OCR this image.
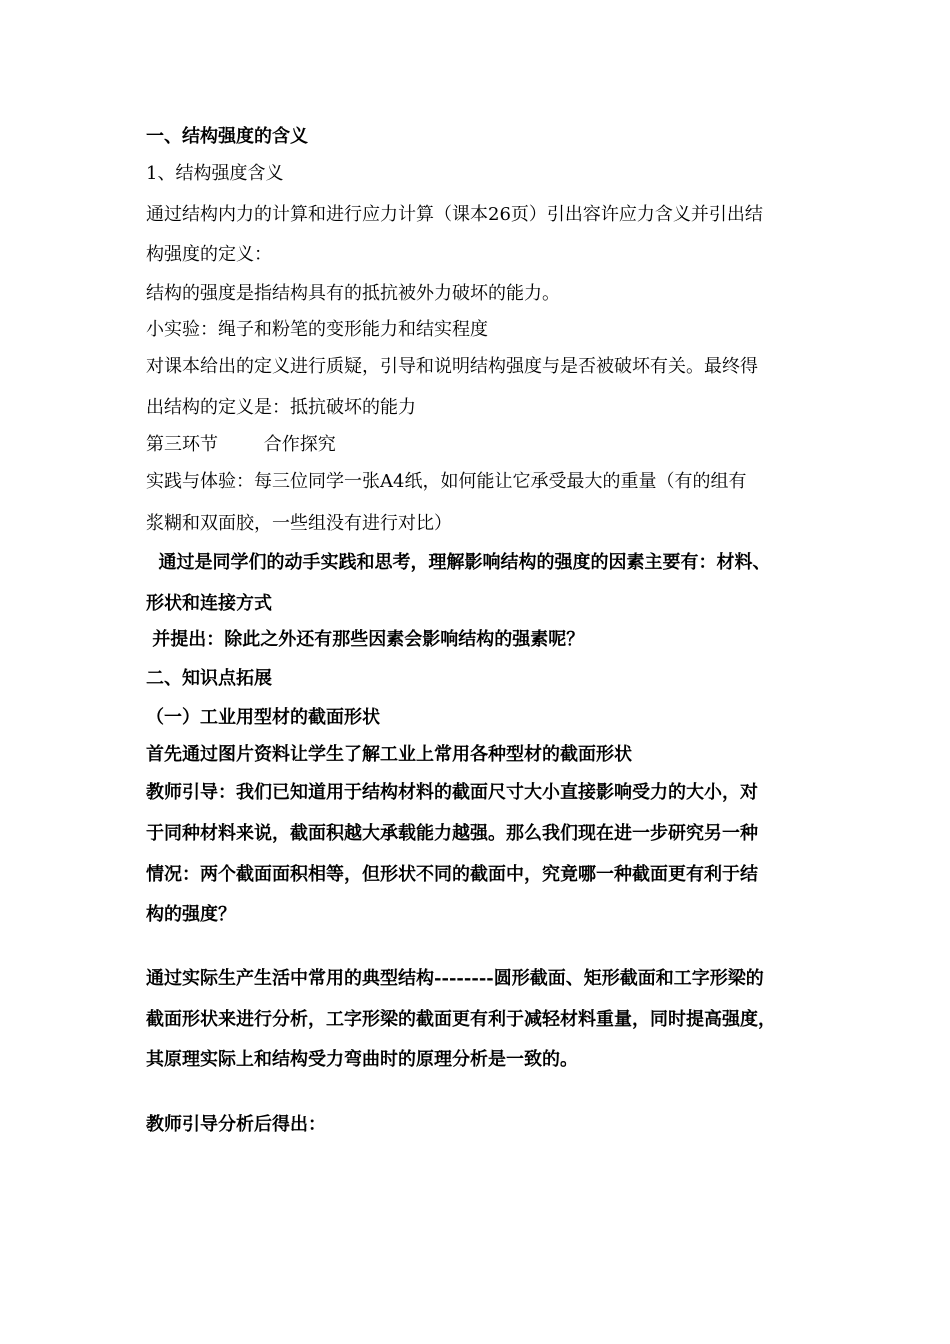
一、结构强度的含义
1、结构强度含义
通过结构内力的计算和进行应力计算（课本26页）引出容许应力含义并引出结
构强度的定义：
结构的强度是指结构具有的抵抗被外力破坏的能力。
小实验：绳子和粉笔的变形能力和结实程度
对课本给出的定义进行质疑，引导和说明结构强度与是否被破坏有关。最终得
出结构的定义是：抵抗破坏的能力
第三环节        合作探究
实践与体验：每三位同学一张A4纸，如何能让它承受最大的重量（有的组有
浆糊和双面胶，一些组没有进行对比）
通过是同学们的动手实践和思考，理解影响结构的强度的因素主要有：材料、
形状和连接方式
并提出：除此之外还有那些因素会影响结构的强素呢？
二、知识点拓展
（一）工业用型材的截面形状
首先通过图片资料让学生了解工业上常用各种型材的截面形状
教师引导：我们已知道用于结构材料的截面尺寸大小直接影响受力的大小，对
于同种材料来说，截面积越大承载能力越强。那么我们现在进一步研究另一种
情况：两个截面面积相等，但形状不同的截面中，究竟哪一种截面更有利于结
构的强度？
通过实际生产生活中常用的典型结构--------圆形截面、矩形截面和工字形梁的
截面形状来进行分析，工字形梁的截面更有利于减轻材料重量，同时提高强度，
其原理实际上和结构受力弯曲时的原理分析是一致的。
教师引导分析后得出：
